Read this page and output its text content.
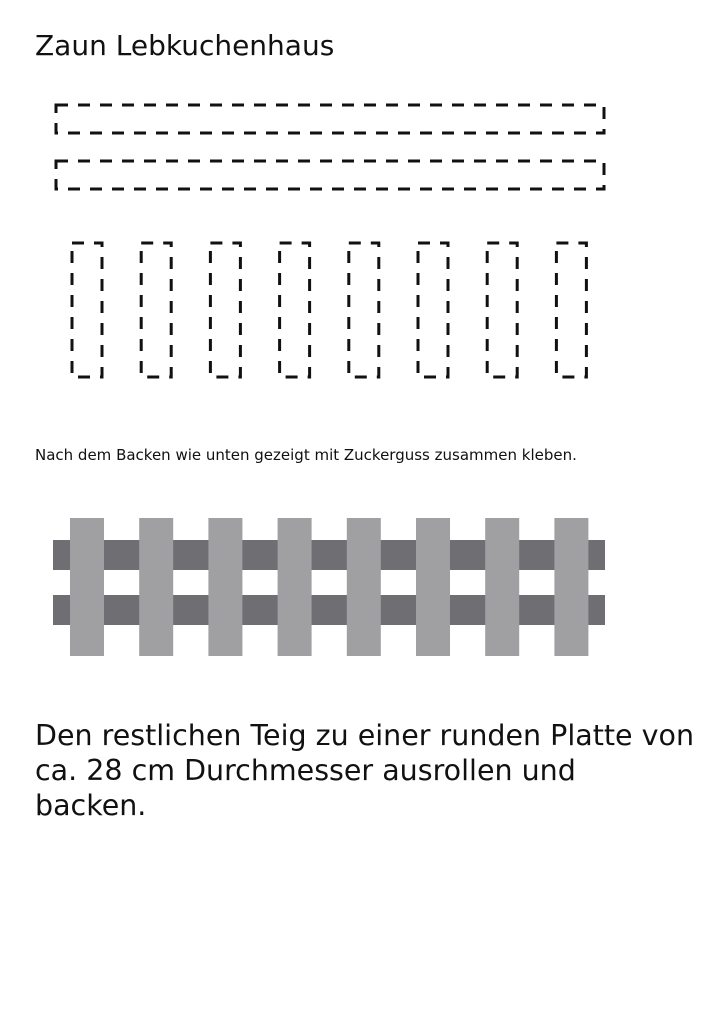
Zaun Lebkuchenhaus
Nach dem Backen wie unten gezeigt mit Zuckerguss zusammen kleben.
Den restlichen Teig zu einer runden Platte von ca. 28 cm Durchmesser ausrollen und backen.
